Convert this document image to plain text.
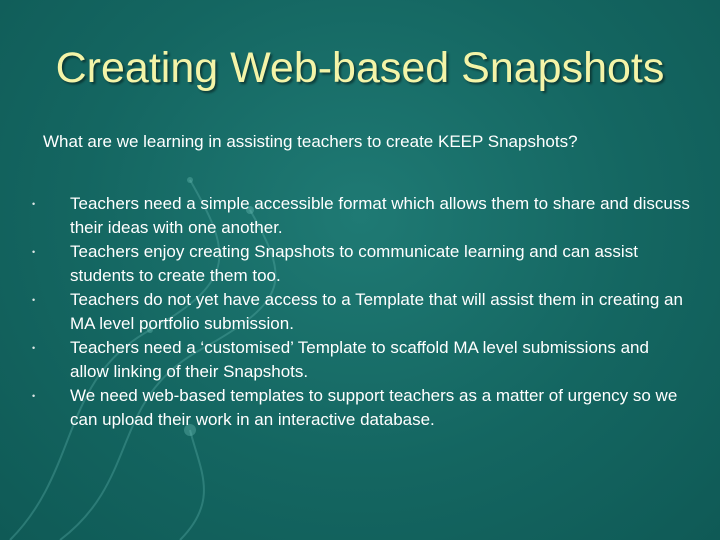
Creating Web-based Snapshots
What are we learning in assisting teachers to create KEEP Snapshots?
• Teachers need a simple accessible format which allows them to share and discuss their ideas with one another.
• Teachers enjoy creating Snapshots to communicate learning and can assist students to create them too.
• Teachers do not yet have access to a Template that will assist them in creating an MA level portfolio submission.
• Teachers need a ‘customised’ Template to scaffold MA level submissions and allow linking of their Snapshots.
• We need web-based templates to support teachers as a matter of urgency so we can upload their work in an interactive database.
